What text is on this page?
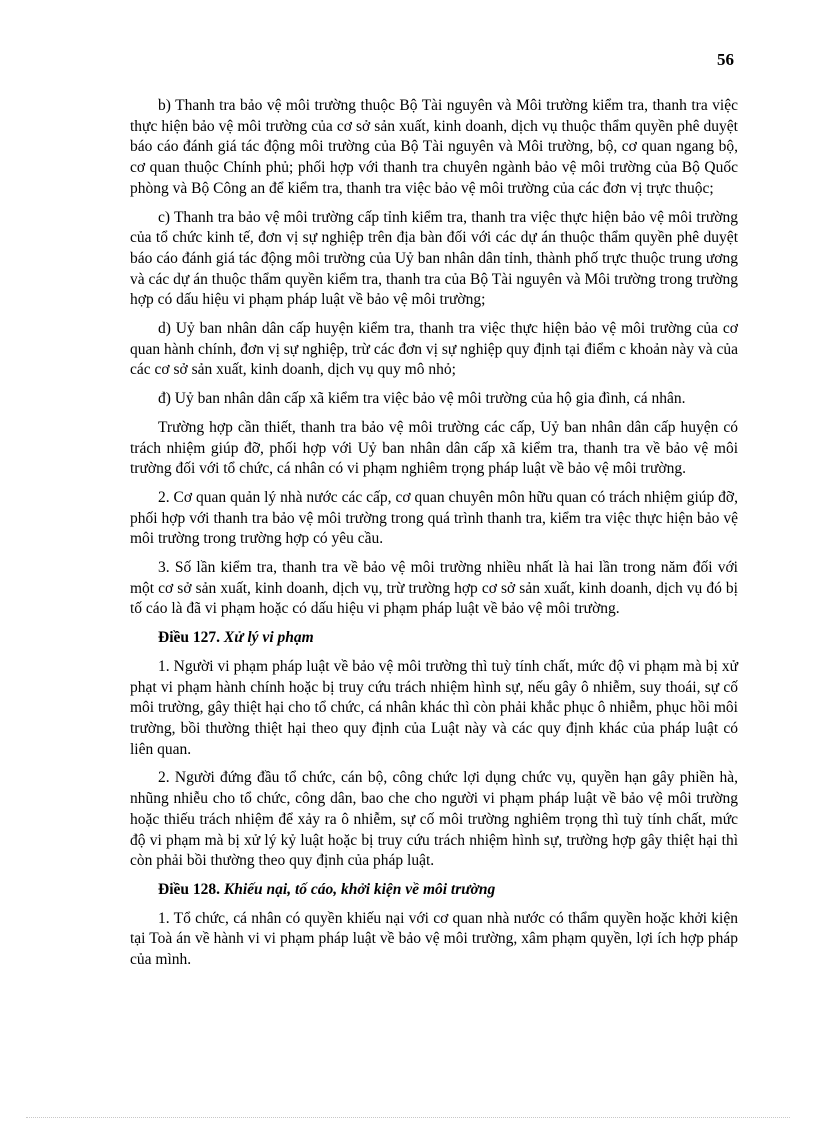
56

b) Thanh tra bảo vệ môi trường thuộc Bộ Tài nguyên và Môi trường kiểm tra, thanh tra việc thực hiện bảo vệ môi trường của cơ sở sản xuất, kinh doanh, dịch vụ thuộc thẩm quyền phê duyệt báo cáo đánh giá tác động môi trường của Bộ Tài nguyên và Môi trường, bộ, cơ quan ngang bộ, cơ quan thuộc Chính phủ; phối hợp với thanh tra chuyên ngành bảo vệ môi trường của Bộ Quốc phòng và Bộ Công an để kiểm tra, thanh tra việc bảo vệ môi trường của các đơn vị trực thuộc;

c) Thanh tra bảo vệ môi trường cấp tỉnh kiểm tra, thanh tra việc thực hiện bảo vệ môi trường của tổ chức kinh tế, đơn vị sự nghiệp trên địa bàn đối với các dự án thuộc thẩm quyền phê duyệt báo cáo đánh giá tác động môi trường của Uỷ ban nhân dân tỉnh, thành phố trực thuộc trung ương và các dự án thuộc thẩm quyền kiểm tra, thanh tra của Bộ Tài nguyên và Môi trường trong trường hợp có dấu hiệu vi phạm pháp luật về bảo vệ môi trường;

d) Uỷ ban nhân dân cấp huyện kiểm tra, thanh tra việc thực hiện bảo vệ môi trường của cơ quan hành chính, đơn vị sự nghiệp, trừ các đơn vị sự nghiệp quy định tại điểm c khoản này và của các cơ sở sản xuất, kinh doanh, dịch vụ quy mô nhỏ;

đ) Uỷ ban nhân dân cấp xã kiểm tra việc bảo vệ môi trường của hộ gia đình, cá nhân.

Trường hợp cần thiết, thanh tra bảo vệ môi trường các cấp, Uỷ ban nhân dân cấp huyện có trách nhiệm giúp đỡ, phối hợp với Uỷ ban nhân dân cấp xã kiểm tra, thanh tra về bảo vệ môi trường đối với tổ chức, cá nhân có vi phạm nghiêm trọng pháp luật về bảo vệ môi trường.

2. Cơ quan quản lý nhà nước các cấp, cơ quan chuyên môn hữu quan có trách nhiệm giúp đỡ, phối hợp với thanh tra bảo vệ môi trường trong quá trình thanh tra, kiểm tra việc thực hiện bảo vệ môi trường trong trường hợp có yêu cầu.

3. Số lần kiểm tra, thanh tra về bảo vệ môi trường nhiều nhất là hai lần trong năm đối với một cơ sở sản xuất, kinh doanh, dịch vụ, trừ trường hợp cơ sở sản xuất, kinh doanh, dịch vụ đó bị tố cáo là đã vi phạm hoặc có dấu hiệu vi phạm pháp luật về bảo vệ môi trường.

Điều 127. Xử lý vi phạm

1. Người vi phạm pháp luật về bảo vệ môi trường thì tuỳ tính chất, mức độ vi phạm mà bị xử phạt vi phạm hành chính hoặc bị truy cứu trách nhiệm hình sự, nếu gây ô nhiễm, suy thoái, sự cố môi trường, gây thiệt hại cho tổ chức, cá nhân khác thì còn phải khắc phục ô nhiễm, phục hồi môi trường, bồi thường thiệt hại theo quy định của Luật này và các quy định khác của pháp luật có liên quan.

2. Người đứng đầu tổ chức, cán bộ, công chức lợi dụng chức vụ, quyền hạn gây phiền hà, nhũng nhiễu cho tổ chức, công dân, bao che cho người vi phạm pháp luật về bảo vệ môi trường hoặc thiếu trách nhiệm để xảy ra ô nhiễm, sự cố môi trường nghiêm trọng thì tuỳ tính chất, mức độ vi phạm mà bị xử lý kỷ luật hoặc bị truy cứu trách nhiệm hình sự, trường hợp gây thiệt hại thì còn phải bồi thường theo quy định của pháp luật.

Điều 128. Khiếu nại, tố cáo, khởi kiện về môi trường

1. Tổ chức, cá nhân có quyền khiếu nại với cơ quan nhà nước có thẩm quyền hoặc khởi kiện tại Toà án về hành vi vi phạm pháp luật về bảo vệ môi trường, xâm phạm quyền, lợi ích hợp pháp của mình.
